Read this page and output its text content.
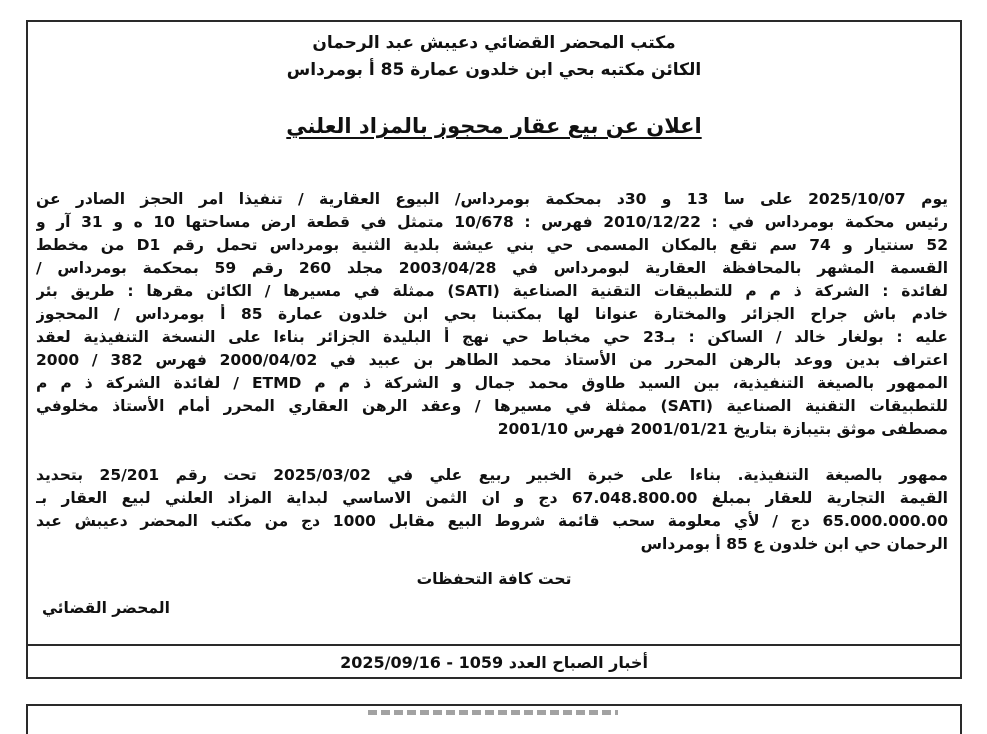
مكتب المحضر القضائي دعيبش عبد الرحمان
الكائن مكتبه بحي ابن خلدون عمارة 85 أ بومرداس
اعلان عن بيع عقار محجوز بالمزاد العلني
يوم 2025/10/07 على سا 13 و 30د بمحكمة بومرداس/ البيوع العقارية / تنفيذا امر الحجز الصادر عن
رئيس محكمة بومرداس في : 2010/12/22 فهرس : 10/678 متمثل في قطعة ارض مساحتها 10 ه و 31 آر و
52 سنتيار و 74 سم تقع بالمكان المسمى حي بني عيشة بلدية الثنية بومرداس تحمل رقم D1 من مخطط
القسمة المشهر بالمحافظة العقارية لبومرداس في 2003/04/28 مجلد 260 رقم 59 بمحكمة بومرداس /
لفائدة : الشركة ذ م م للتطبيقات التقنية الصناعية (SATI) ممثلة في مسيرها / الكائن مقرها : طريق بئر
خادم باش جراح الجزائر والمختارة عنوانا لها بمكتبنا بحي ابن خلدون عمارة 85 أ بومرداس / المحجوز
عليه : بولغار خالد / الساكن : بـ23 حي مخباط حي نهج أ البليدة الجزائر بناءا على النسخة التنفيذية لعقد
اعتراف بدين ووعد بالرهن المحرر من الأستاذ محمد الطاهر بن عبيد في 2000/04/02 فهرس 382 / 2000
الممهور بالصيغة التنفيذية، بين السيد طاوق محمد جمال و الشركة ذ م م ETMD / لفائدة الشركة ذ م م
للتطبيقات التقنية الصناعية (SATI) ممثلة في مسيرها / وعقد الرهن العقاري المحرر أمام الأستاذ مخلوفي
مصطفى موثق بتيبازة بتاريخ 2001/01/21 فهرس 2001/10
ممهور بالصيغة التنفيذية. بناءا على خبرة الخبير ربيع علي في 2025/03/02 تحت رقم 25/201 بتحديد
القيمة التجارية للعقار بمبلغ 67.048.800.00 دج و ان الثمن الاساسي لبداية المزاد العلني لبيع العقار بـ
65.000.000.00 دج / لأي معلومة سحب قائمة شروط البيع مقابل 1000 دج من مكتب المحضر دعيبش عبد
الرحمان حي ابن خلدون ع 85 أ بومرداس
تحت كافة التحفظات
المحضر القضائي
أخبار الصباح العدد 1059 - 2025/09/16
